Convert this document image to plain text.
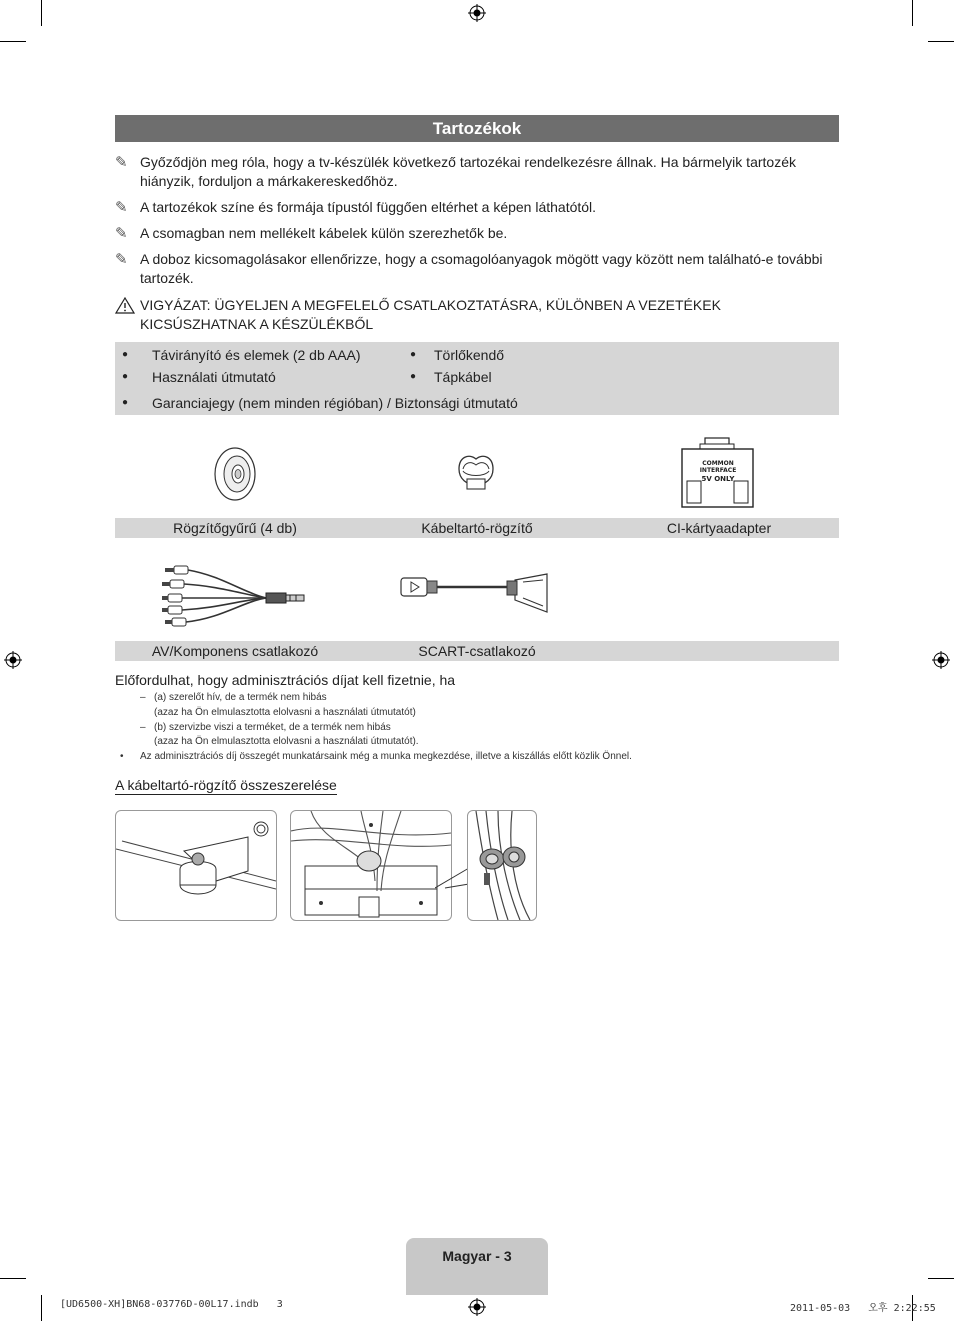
Tartozékok
✎ Győződjön meg róla, hogy a tv-készülék következő tartozékai rendelkezésre állnak. Ha bármelyik tartozék hiányzik, forduljon a márkakereskedőhöz.
✎ A tartozékok színe és formája típustól függően eltérhet a képen láthatótól.
✎ A csomagban nem mellékelt kábelek külön szerezhetők be.
✎ A doboz kicsomagolásakor ellenőrizze, hogy a csomagolóanyagok mögött vagy között nem található-e további tartozék.
VIGYÁZAT: ÜGYELJEN A MEGFELELŐ CSATLAKOZTATÁSRA, KÜLÖNBEN A VEZETÉKEK
KICSÚSZHATNAK A KÉSZÜLÉKBŐL
● Távirányító és elemek (2 db AAA)
● Használati útmutató
● Törlőkendő
● Tápkábel
● Garanciajegy (nem minden régióban) / Biztonsági útmutató
COMMON INTERFACE
5V ONLY
Rögzítőgyűrű (4 db)	Kábeltartó-rögzítő	CI-kártyaadapter
AV/Komponens csatlakozó	SCART-csatlakozó
Előfordulhat, hogy adminisztrációs díjat kell fizetnie, ha
– (a) szerelőt hív, de a termék nem hibás
(azaz ha Ön elmulasztotta elolvasni a használati útmutatót)
– (b) szervizbe viszi a terméket, de a termék nem hibás
(azaz ha Ön elmulasztotta elolvasni a használati útmutatót).
• Az adminisztrációs díj összegét munkatársaink még a munka megkezdése, illetve a kiszállás előtt közlik Önnel.
A kábeltartó-rögzítő összeszerelése
Magyar - 3
[UD6500-XH]BN68-03776D-00L17.indb   3	2011-05-03   오후 2:22:55
